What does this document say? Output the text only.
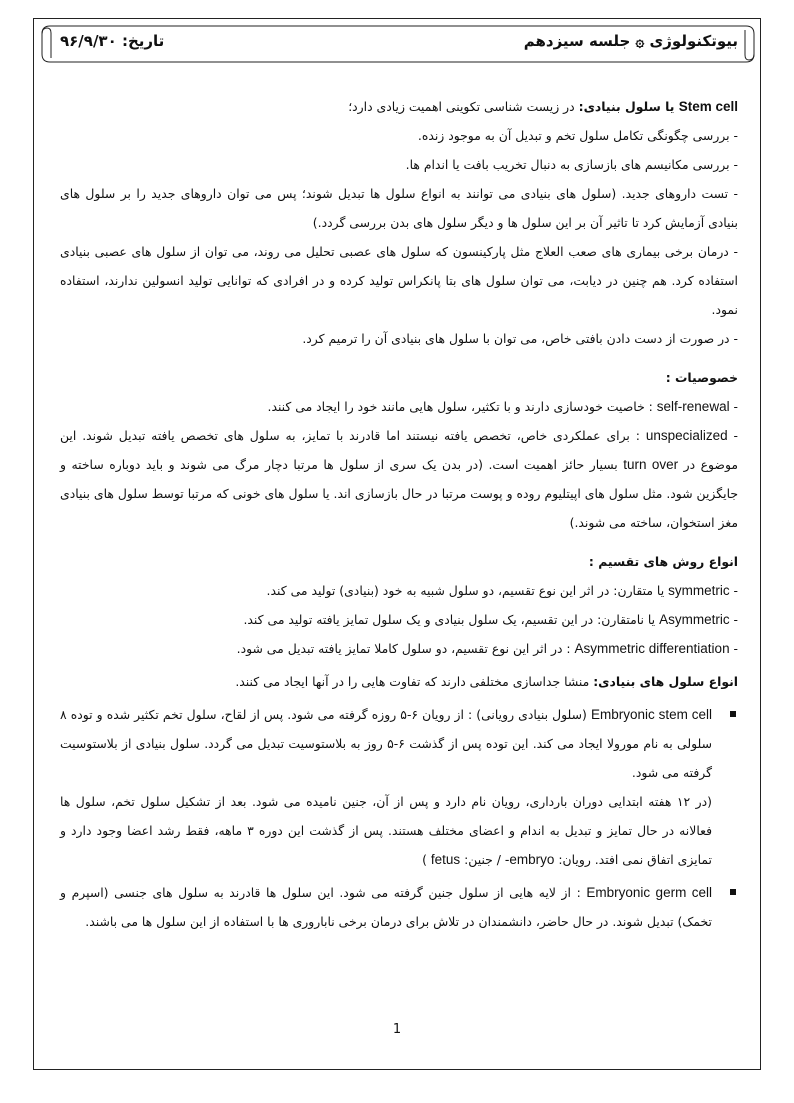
بیوتکنولوژی ۞ جلسه سیزدهم
تاریخ: ۹۶/۹/۳۰

Stem cell یا سلول بنیادی: در زیست شناسی تکوینی اهمیت زیادی دارد؛

- بررسی چگونگی تکامل سلول تخم و تبدیل آن به موجود زنده.

- بررسی مکانیسم های بازسازی به دنبال تخریب بافت یا اندام ها.

- تست داروهای جدید. (سلول های بنیادی می توانند به انواع سلول ها تبدیل شوند؛ پس می توان داروهای جدید را بر سلول های بنیادی آزمایش کرد تا تاثیر آن بر این سلول ها و دیگر سلول های بدن بررسی گردد.)

- درمان برخی بیماری های صعب العلاج مثل پارکینسون که سلول های عصبی تحلیل می روند، می توان از سلول های عصبی بنیادی استفاده کرد. هم چنین در دیابت، می توان سلول های بتا پانکراس تولید کرده و در افرادی که توانایی تولید انسولین ندارند، استفاده نمود.

- در صورت از دست دادن بافتی خاص، می توان با سلول های بنیادی آن را ترمیم کرد.

خصوصیات :

- self-renewal : خاصیت خودسازی دارند و با تکثیر، سلول هایی مانند خود را ایجاد می کنند.

- unspecialized : برای عملکردی خاص، تخصص یافته نیستند اما قادرند با تمایز، به سلول های تخصص یافته تبدیل شوند. این موضوع در turn over بسیار حائز اهمیت است. (در بدن یک سری از سلول ها مرتبا دچار مرگ می شوند و باید دوباره ساخته و جایگزین شود. مثل سلول های اپیتلیوم روده و پوست مرتبا در حال بازسازی اند. یا سلول های خونی که مرتبا توسط سلول های بنیادی مغز استخوان، ساخته می شوند.)

انواع روش های تقسیم :

- symmetric یا متقارن: در اثر این نوع تقسیم، دو سلول شبیه به خود (بنیادی) تولید می کند.

- Asymmetric یا نامتقارن: در این تقسیم، یک سلول بنیادی و یک سلول تمایز یافته تولید می کند.

- Asymmetric differentiation : در اثر این نوع تقسیم، دو سلول کاملا تمایز یافته تبدیل می شود.

انواع سلول های بنیادی: منشا جداسازی مختلفی دارند که تفاوت هایی را در آنها ایجاد می کنند.

Embryonic stem cell (سلول بنیادی رویانی) : از رویان ۶-۵ روزه گرفته می شود. پس از لقاح، سلول تخم تکثیر شده و توده ۸ سلولی به نام مورولا ایجاد می کند. این توده پس از گذشت ۶-۵ روز به بلاستوسیت تبدیل می گردد. سلول بنیادی از بلاستوسیت گرفته می شود.

(در ۱۲ هفته ابتدایی دوران بارداری، رویان نام دارد و پس از آن، جنین نامیده می شود. بعد از تشکیل سلول تخم، سلول ها فعالانه در حال تمایز و تبدیل به اندام و اعضای مختلف هستند. پس از گذشت این دوره ۳ ماهه، فقط رشد اعضا وجود دارد و تمایزی اتفاق نمی افتد. رویان: -embryo / جنین: fetus )

Embryonic germ cell : از لایه هایی از سلول جنین گرفته می شود. این سلول ها قادرند به سلول های جنسی (اسپرم و تخمک) تبدیل شوند. در حال حاضر، دانشمندان در تلاش برای درمان برخی ناباروری ها با استفاده از این سلول ها می باشند.

1
